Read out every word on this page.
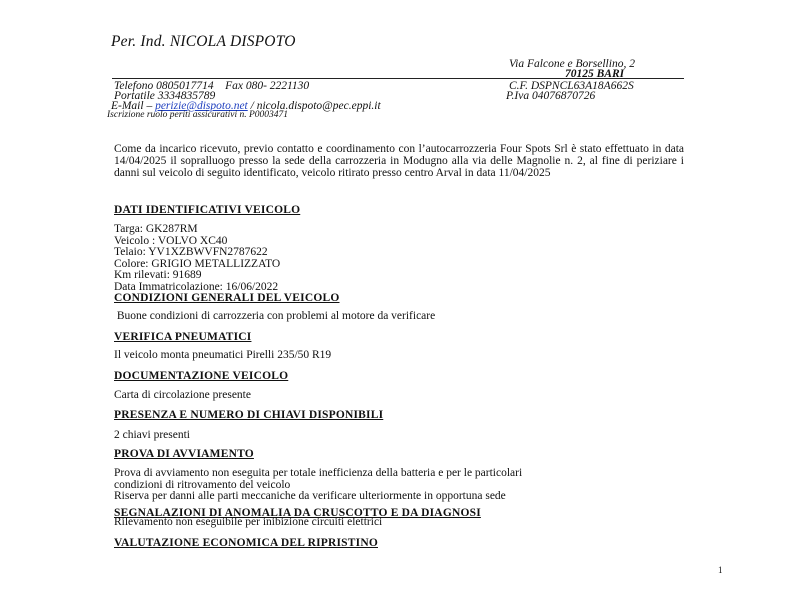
Per. Ind. NICOLA DISPOTO
Via Falcone e Borsellino, 2
70125 BARI
Telefono 0805017714    Fax 080- 2221130	C.F. DSPNCL63A18A662S
Portatile 3334835789	P.Iva 04076870726
E-Mail – perizie@dispoto.net / nicola.dispoto@pec.eppi.it
Iscrizione ruolo periti assicurativi n. P0003471
Come da incarico ricevuto, previo contatto e coordinamento con l’autocarrozzeria Four Spots Srl è stato effettuato in data 14/04/2025 il sopralluogo presso la sede della carrozzeria in Modugno alla via delle Magnolie n. 2, al fine di periziare i danni sul veicolo di seguito identificato, veicolo ritirato presso centro Arval in data 11/04/2025
DATI IDENTIFICATIVI VEICOLO
Targa: GK287RM
Veicolo : VOLVO XC40
Telaio: YV1XZBWVFN2787622
Colore: GRIGIO METALLIZZATO
Km rilevati: 91689
Data Immatricolazione: 16/06/2022
CONDIZIONI GENERALI DEL VEICOLO
Buone condizioni di carrozzeria con problemi al motore da verificare
VERIFICA PNEUMATICI
Il veicolo monta pneumatici Pirelli 235/50 R19
DOCUMENTAZIONE VEICOLO
Carta di circolazione presente
PRESENZA E NUMERO DI CHIAVI DISPONIBILI
2 chiavi presenti
PROVA DI AVVIAMENTO
Prova di avviamento non eseguita per totale inefficienza della batteria e per le particolari
condizioni di ritrovamento del veicolo
Riserva per danni alle parti meccaniche da verificare ulteriormente in opportuna sede
SEGNALAZIONI DI ANOMALIA DA CRUSCOTTO E DA DIAGNOSI
Rilevamento non eseguibile per inibizione circuiti elettrici
VALUTAZIONE ECONOMICA DEL RIPRISTINO
1
